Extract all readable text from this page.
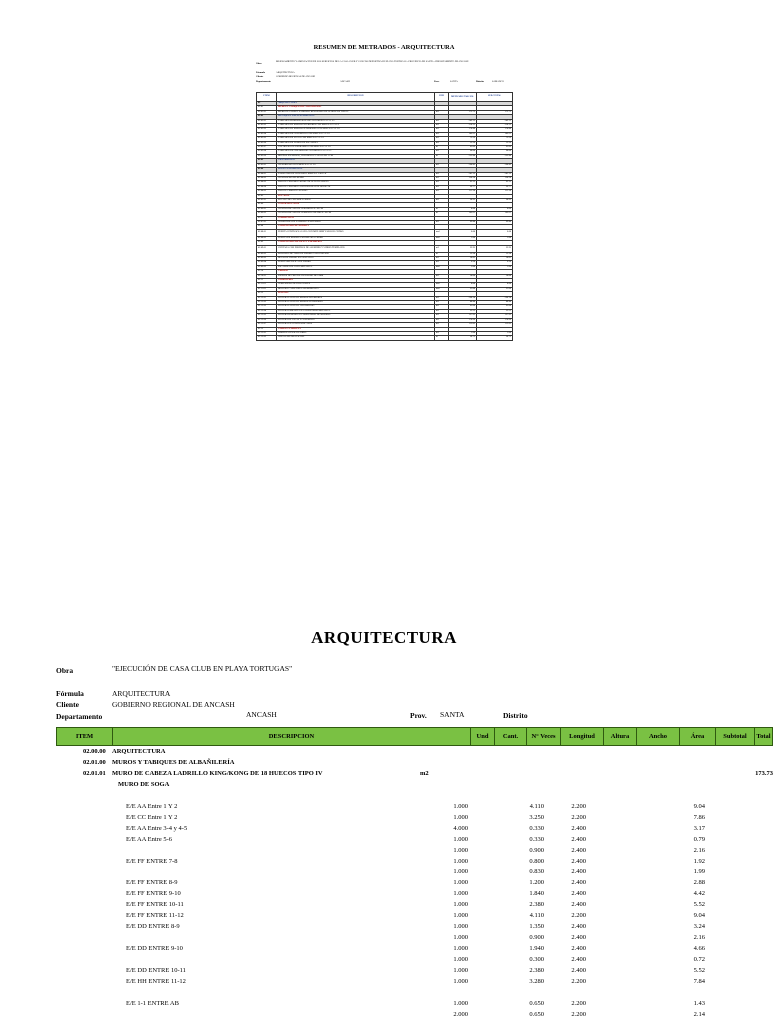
RESUMEN DE METRADOS - ARQUITECTURA
Obra
MEJORAMIENTO Y AMPLIACIÓN DE LOS SERVICIOS DE LA CASA CLUB Y CANCHA DEPORTIVA EN PLAYA TORTUGAS - PROVINCIA DE SANTA - DEPARTAMENTO DE ANCASH
Fórmula	ARQUITECTURA
Cliente	GOBIERNO REGIONAL DE ANCASH
Departamento	ANCASH	Prov.	SANTA	Distrito	SAMANCO
ITEM	DESCRIPCION	UND	METRADO PARCIAL	SUB-TOTAL
02	ARQUITECTURA			
02.01	MUROS Y TABIQUES DE ALBAÑILERIA			
02.01.01	MURO DE CABEZA LADRILLO KING/KONG DE 18 HUECOS TIPO IV	m2	173.73	173.73
02.02	REVOQUES Y REVESTIMIENTOS			
02.02.01	TARRAJEO PRIMARIO RAYADO CON MEZCLA C:A 1:5	m2	249.13	249.13
02.02.02	TARRAJEO EN MUROS INTERIORES CON MEZCLA C:A 1:5	m2	318.22	318.22
02.02.03	TARRAJEO EN MUROS EXTERIORES CON MEZCLA C:A 1:5	m2	174.88	174.88
02.02.04	TARRAJEO DE COLUMNAS CON MEZCLA C:A 1:5	m2	108.11	108.11
02.02.05	TARRAJEO DE VIGAS CON MEZCLA C:A 1:5	m2	72.59	72.59
02.02.06	TARRAJEO DE FONDO DE ESCALERA	m2	13.36	13.36
02.02.07	VESTIDURA DE DERRAMES CON MEZCLA C:A 1:5	m	95.09	95.09
02.02.08	TARRAJEO DE CIELORRASO CON MEZCLA C:A 1:5	m2	98.00	98.00
02.02.09	BRUÑAS EN MUROS, COLUMNAS Y VIGAS DE 1 CM	m	232.80	232.80
02.03	CIELORRASOS			
02.03.01	CIELORRASO CON MEZCLA C:A 1:5	m2	290.82	290.82
02.04	PISOS Y PAVIMENTOS			
02.04.01	FALSO PISO DE CONCRETO MEZCLA 1:10 E=4"	m2	281.15	281.15
02.04.02	CONTRAPISO DE 48 MM	m2	130.38	130.38
02.04.03	PISO DE CERAMICO 45X45 CM ALTO TRANSITO	m2	95.15	95.15
02.04.04	PISO DE CERAMICO ANTIDESLIZANTE 30X30 CM	m2	36.77	36.77
02.04.05	PISO DE CEMENTO PULIDO	m2	111.20	111.20
02.05	ZOCALOS			
02.05.01	ZOCALO DE CERAMICO 30X30	m2	58.95	58.95
02.06	CONTRAZOCALOS			
02.06.01	CONTRAZOCALO DE CERAMICO H=10 CM	m	0.00	0.00
02.06.02	CONTRAZOCALO DE CEMENTO PULIDO H=10 CM	m	160.11	160.11
02.07	COBERTURAS			
02.07.01	COBERTURA DE LADRILLO PASTELERO	m2	99.80	99.80
02.08	CARPINTERIA DE MADERA			
02.08.01	PUERTA CONTRAPLACADA CON MDF 6MM Y MARCO CEDRO	und	6.00	6.00
02.08.02	PUERTA DE MADERA APANELADA CEDRO	und	1.00	1.00
02.09	CARPINTERIA METALICA Y HERRERIA			
02.09.01	VENTANA CON PERFILES DE ALUMINIO Y VIDRIO TEMPLADO	m2	22.95	22.95
02.09.02	BARANDA DE TUBO DE FIERRO GALVANIZADO	m	15.20	15.20
02.09.03	REJAS DE FIERRO EN VENTANAS	m2	18.05	18.05
02.09.04	PUERTA METALICA DE FIERRO	m2	6.30	6.30
02.09.05	ESCALERA DE GATO METALICA	und	1.00	1.00
02.10	VIDRIOS			
02.10.01	ESPEJOS DE CRISTAL INCOLORO DE 6 MM	m2	10.00	10.00
02.11	CERRAJERIA			
02.11.01	CERRADURA DE DOS GOLPES	und	8.00	8.00
02.11.02	BISAGRA CAPUCHINA ALUMINIZADA	und	21.00	21.00
02.12	PINTURA			
02.12.01	PINTURA LATEX EN MUROS INTERIORES	m2	290.14	290.14
02.12.02	PINTURA LATEX EN MUROS EXTERIORES	m2	88.80	88.80
02.12.03	PINTURA LATEX EN CIELORRASO	m2	95.00	95.00
02.12.04	PINTURA ESMALTE EN CARPINTERIA METALICA	m2	53.55	53.55
02.12.05	PINTURA BARNIZ EN CARPINTERIA DE MADERA	m2	127.92	127.92
02.12.06	PINTURA DE VIGAS Y COLUMNAS	m2	170.96	170.96
02.12.07	PINTURA EN CONTRAZOCALOS	m2	112.05	112.05
02.13	VARIOS Y LIMPIEZA			
02.13.01	LIMPIEZA FINAL DE OBRA	m2	1.00	1.00
02.13.02	JUNTAS DE DILATACION	m	50.75	50.75
ARQUITECTURA
Obra	"EJECUCIÓN DE CASA CLUB EN PLAYA TORTUGAS"
Fórmula	ARQUITECTURA
Cliente	GOBIERNO REGIONAL DE ANCASH
Departamento	ANCASH	Prov. SANTA	Distrito
ITEM	DESCRIPCION	Und	Cant.	N° Veces	Longitud	Altura	Ancho	Área	Subtotal	Total
02.00.00 ARQUITECTURA
02.01.00 MUROS Y TABIQUES DE ALBAÑILERÍA
02.01.01 MURO DE CABEZA LADRILLO KING/KONG DE 18 HUECOS TIPO IV	m2	173.73
MURO DE SOGA
E/E AA Entre 1 Y 2	1.000	4.110	2.200	9.04
E/E CC Entre 1 Y 2	1.000	3.250	2.200	7.86
E/E AA Entre 3-4 y 4-5	4.000	0.330	2.400	3.17
E/E AA Entre 5-6	1.000	0.330	2.400	0.79
1.000	0.900	2.400	2.16
E/E FF ENTRE 7-8	1.000	0.800	2.400	1.92
1.000	0.830	2.400	1.99
E/E FF ENTRE 8-9	1.000	1.200	2.400	2.88
E/E FF ENTRE 9-10	1.000	1.840	2.400	4.42
E/E FF ENTRE 10-11	1.000	2.380	2.400	5.52
E/E FF ENTRE 11-12	1.000	4.110	2.200	9.04
E/E DD ENTRE 8-9	1.000	1.350	2.400	3.24
1.000	0.900	2.400	2.16
E/E DD ENTRE 9-10	1.000	1.940	2.400	4.66
1.000	0.300	2.400	0.72
E/E DD ENTRE 10-11	1.000	2.380	2.400	5.52
E/E HH ENTRE 11-12	1.000	3.280	2.200	7.84
E/E 1-1 ENTRE AB	1.000	0.650	2.200	1.43
2.000	0.650	2.200	2.14
